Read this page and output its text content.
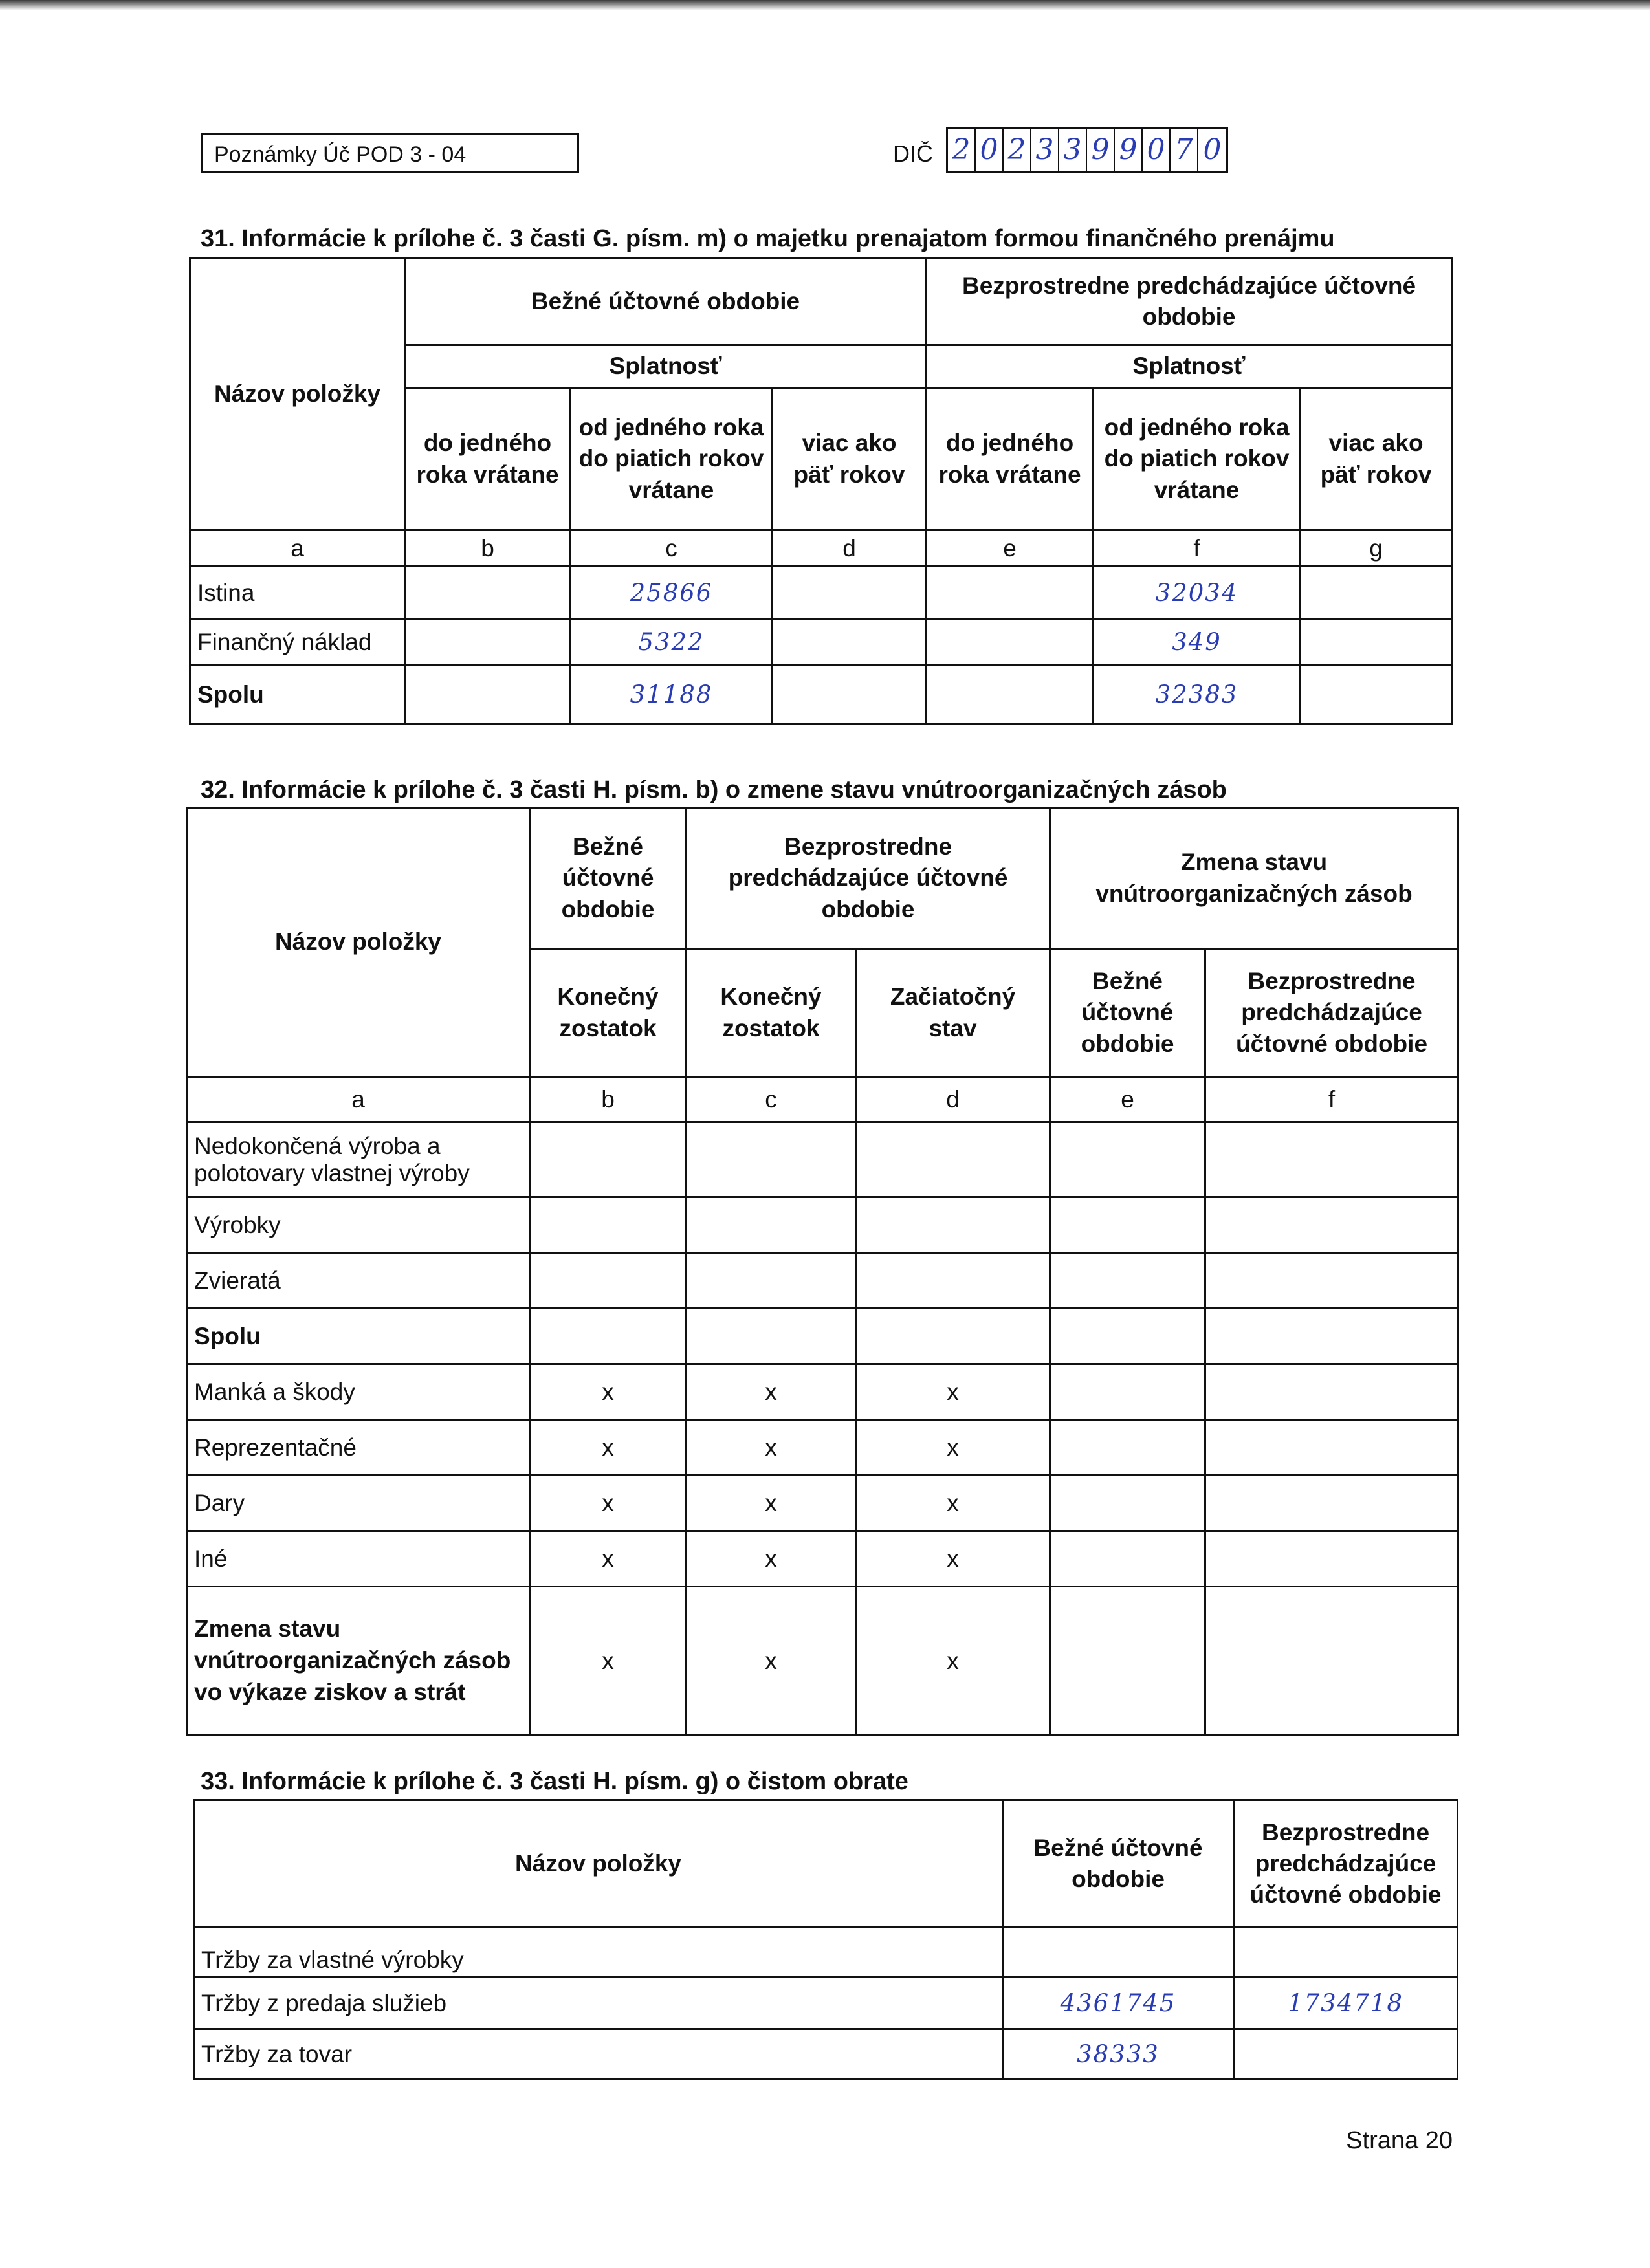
Poznámky Úč POD 3 - 04	DIČ 2 0 2 3 3 9 9 0 7 0
31. Informácie k prílohe č. 3 časti G. písm. m) o majetku prenajatom formou finančného prenájmu
Názov položky	Bežné účtovné obdobie			Bezprostredne predchádzajúce účtovné obdobie		
	Splatnosť			Splatnosť		
	do jedného roka vrátane	od jedného roka do piatich rokov vrátane	viac ako päť rokov	do jedného roka vrátane	od jedného roka do piatich rokov vrátane	viac ako päť rokov
a	b	c	d	e	f	g
Istina		25866			32034	
Finančný náklad		5322			349	
Spolu		31188			32383	
32. Informácie k prílohe č. 3 časti H. písm. b) o zmene stavu vnútroorganizačných zásob
Názov položky	Bežné účtovné obdobie	Bezprostredne predchádzajúce účtovné obdobie		Zmena stavu vnútroorganizačných zásob	
	Konečný zostatok	Konečný zostatok	Začiatočný stav	Bežné účtovné obdobie	Bezprostredne predchádzajúce účtovné obdobie
a	b	c	d	e	f
Nedokončená výroba a polotovary vlastnej výroby					
Výrobky					
Zvieratá					
Spolu					
Manká a škody	x	x	x		
Reprezentačné	x	x	x		
Dary	x	x	x		
Iné	x	x	x		
Zmena stavu vnútroorganizačných zásob vo výkaze ziskov a strát	x	x	x		
33. Informácie k prílohe č. 3 časti H. písm. g) o čistom obrate
Názov položky	Bežné účtovné obdobie	Bezprostredne predchádzajúce účtovné obdobie
Tržby za vlastné výrobky		
Tržby z predaja služieb	4361745	1734718
Tržby za tovar	38333	
Strana 20
